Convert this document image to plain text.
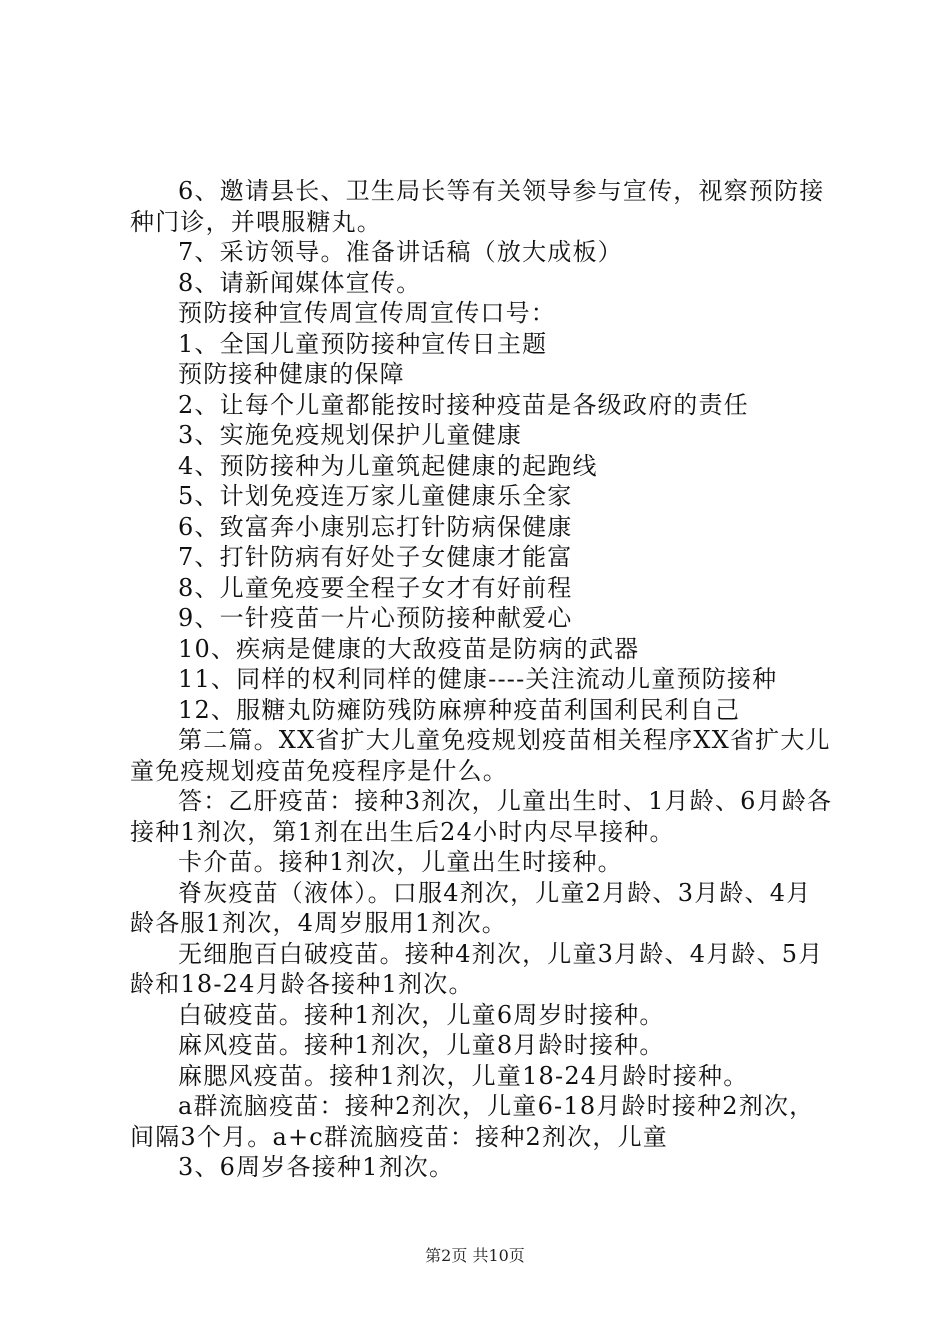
6、邀请县长、卫生局长等有关领导参与宣传，视察预防接种门诊，并喂服糖丸。

7、采访领导。准备讲话稿（放大成板）

8、请新闻媒体宣传。

预防接种宣传周宣传周宣传口号：

1、全国儿童预防接种宣传日主题

预防接种健康的保障

2、让每个儿童都能按时接种疫苗是各级政府的责任

3、实施免疫规划保护儿童健康

4、预防接种为儿童筑起健康的起跑线

5、计划免疫连万家儿童健康乐全家

6、致富奔小康别忘打针防病保健康

7、打针防病有好处子女健康才能富

8、儿童免疫要全程子女才有好前程

9、一针疫苗一片心预防接种献爱心

10、疾病是健康的大敌疫苗是防病的武器

11、同样的权利同样的健康----关注流动儿童预防接种

12、服糖丸防瘫防残防麻痹种疫苗利国利民利自己

第二篇。XX省扩大儿童免疫规划疫苗相关程序XX省扩大儿童免疫规划疫苗免疫程序是什么。

答：乙肝疫苗：接种3剂次，儿童出生时、1月龄、6月龄各接种1剂次，第1剂在出生后24小时内尽早接种。

卡介苗。接种1剂次，儿童出生时接种。

脊灰疫苗（液体）。口服4剂次，儿童2月龄、3月龄、4月龄各服1剂次，4周岁服用1剂次。

无细胞百白破疫苗。接种4剂次，儿童3月龄、4月龄、5月龄和18-24月龄各接种1剂次。

白破疫苗。接种1剂次，儿童6周岁时接种。

麻风疫苗。接种1剂次，儿童8月龄时接种。

麻腮风疫苗。接种1剂次，儿童18-24月龄时接种。

a群流脑疫苗：接种2剂次，儿童6-18月龄时接种2剂次，间隔3个月。a+c群流脑疫苗：接种2剂次，儿童

3、6周岁各接种1剂次。

第2页 共10页
